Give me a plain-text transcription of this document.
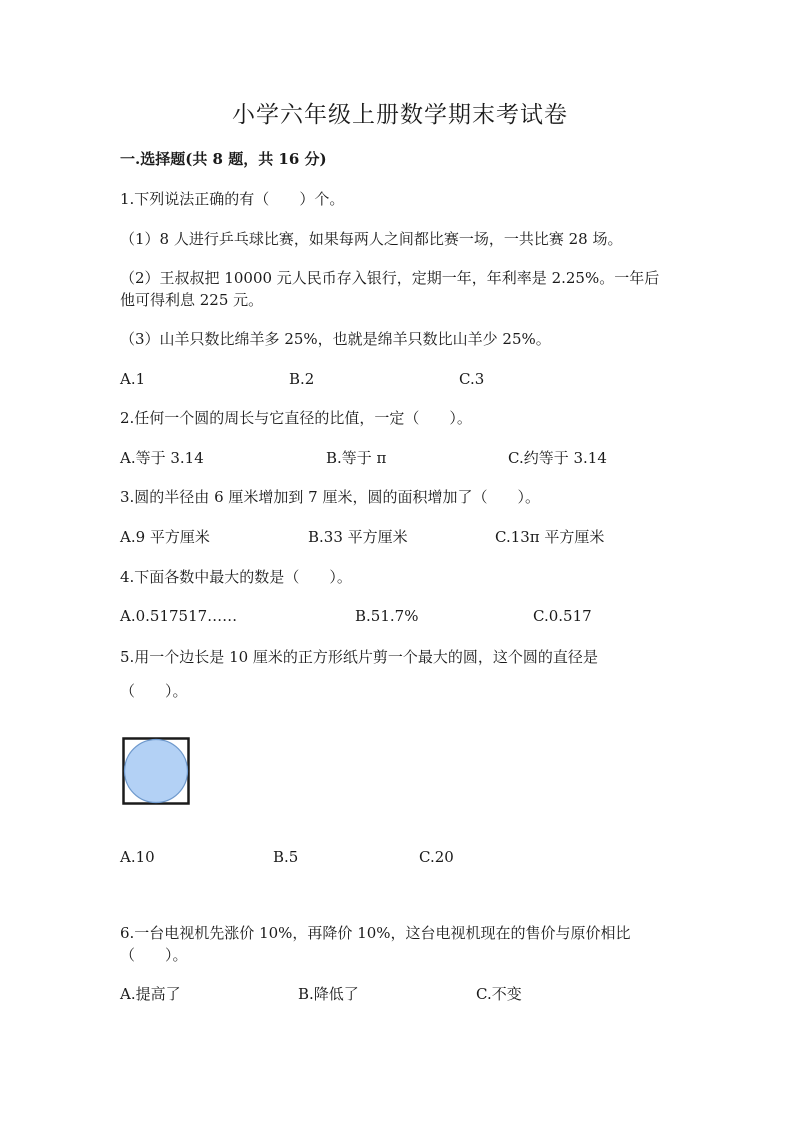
小学六年级上册数学期末考试卷
一.选择题(共 8 题，共 16 分)
1.下列说法正确的有（　　）个。
（1）8 人进行乒乓球比赛，如果每两人之间都比赛一场，一共比赛 28 场。
（2）王叔叔把 10000 元人民币存入银行，定期一年，年利率是 2.25%。一年后
他可得利息 225 元。
（3）山羊只数比绵羊多 25%，也就是绵羊只数比山羊少 25%。
A.1	B.2	C.3
2.任何一个圆的周长与它直径的比值，一定（　　）。
A.等于 3.14	B.等于 π	C.约等于 3.14
3.圆的半径由 6 厘米增加到 7 厘米，圆的面积增加了（　　）。
A.9 平方厘米	B.33 平方厘米	C.13π 平方厘米
4.下面各数中最大的数是（　　）。
A.0.517517……	B.51.7%	C.0.517
5.用一个边长是 10 厘米的正方形纸片剪一个最大的圆，这个圆的直径是
（　　）。
A.10	B.5	C.20
6.一台电视机先涨价 10%，再降价 10%，这台电视机现在的售价与原价相比
（　　）。
A.提高了	B.降低了	C.不变
